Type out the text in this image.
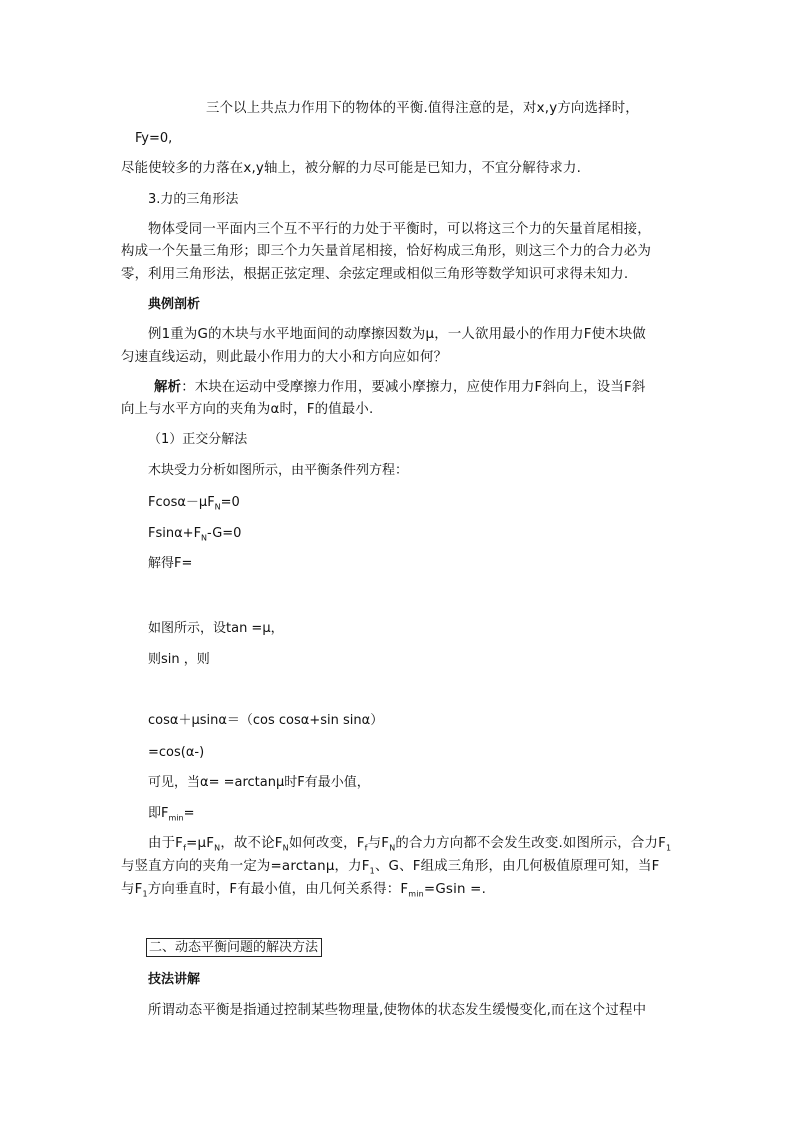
三个以上共点力作用下的物体的平衡.值得注意的是，对x,y方向选择时，

Fy=0,

尽能使较多的力落在x,y轴上，被分解的力尽可能是已知力，不宜分解待求力.

3.力的三角形法

物体受同一平面内三个互不平行的力处于平衡时，可以将这三个力的矢量首尾相接，

构成一个矢量三角形；即三个力矢量首尾相接，恰好构成三角形，则这三个力的合力必为

零，利用三角形法，根据正弦定理、余弦定理或相似三角形等数学知识可求得未知力.

典例剖析

例1重为G的木块与水平地面间的动摩擦因数为μ，一人欲用最小的作用力F使木块做

匀速直线运动，则此最小作用力的大小和方向应如何？

解析：木块在运动中受摩擦力作用，要减小摩擦力，应使作用力F斜向上，设当F斜

向上与水平方向的夹角为α时，F的值最小.

（1）正交分解法

木块受力分析如图所示，由平衡条件列方程：

$Fcos\alpha-\mu F_N=0$

$Fsin\alpha+F_N-G=0$

解得F=

如图所示，设tan =μ，

则sin ，则

cosα＋μsinα＝（cos cosα+sin sinα）

=cos(α-)

可见，当α= =arctanμ时F有最小值，

即$F_{min}=$

由于$F_f=\mu F_N$，故不论$F_N$如何改变，$F_f$与$F_N$的合力方向都不会发生改变.如图所示，合力$F_1$

与竖直方向的夹角一定为=arctanμ，力$F_1$、G、F组成三角形，由几何极值原理可知，当F

与$F_1$方向垂直时，F有最小值，由几何关系得：$F_{min}=Gsin$ =.

二、动态平衡问题的解决方法

技法讲解

所谓动态平衡是指通过控制某些物理量,使物体的状态发生缓慢变化,而在这个过程中
